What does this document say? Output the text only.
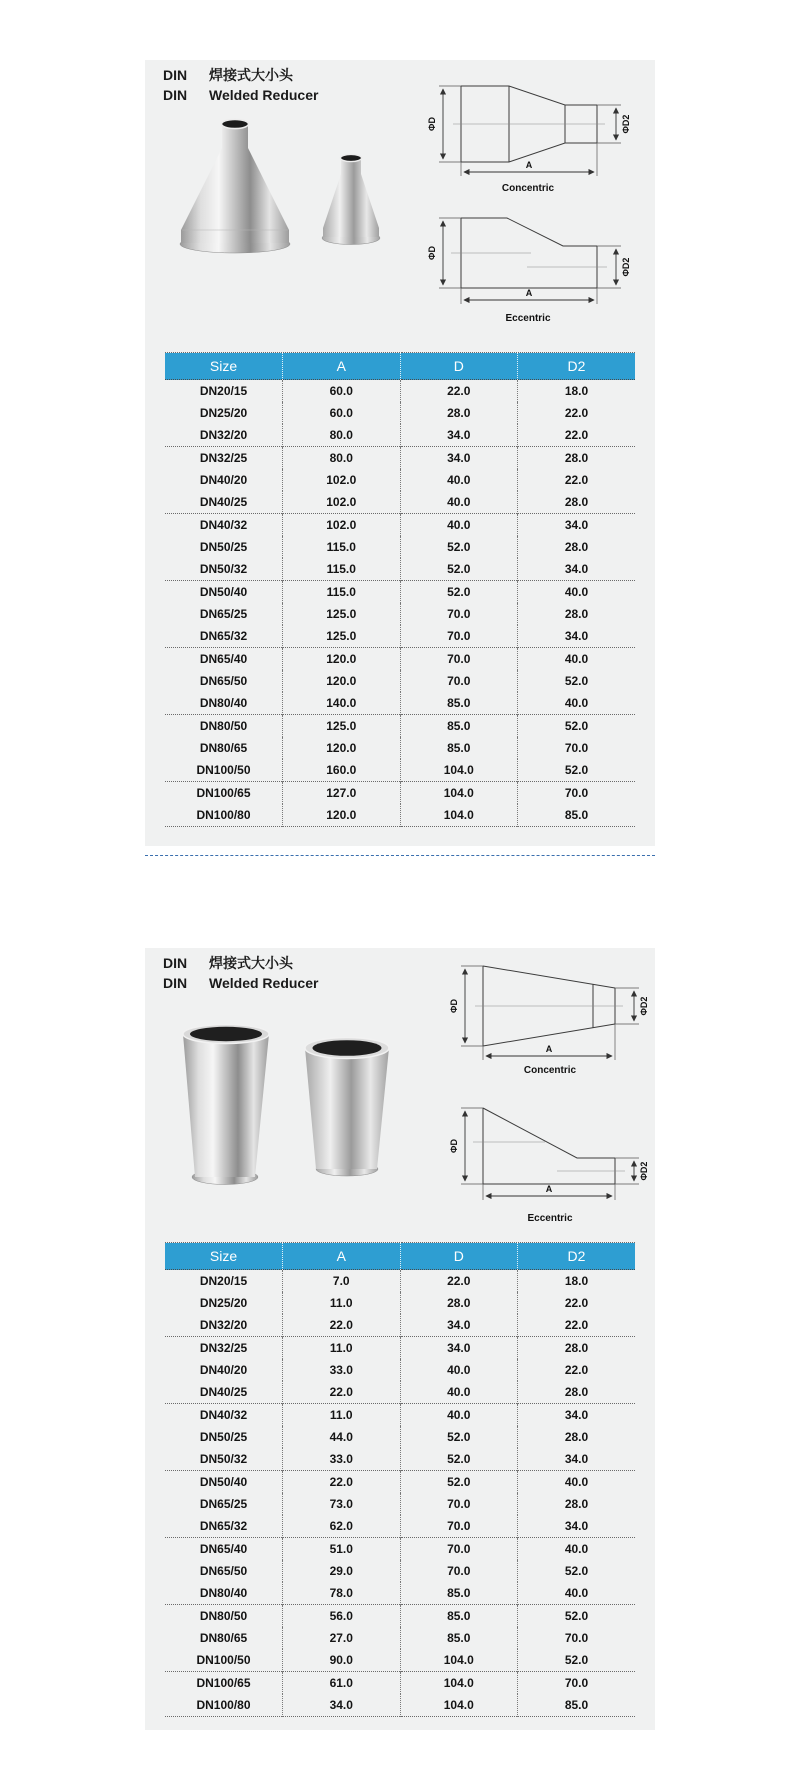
DIN	焊接式大小头
DIN	Welded Reducer
ΦD	ΦD2
A
Concentric
ΦD
ΦD2
A
Eccentric
Size	A	D	D2
DN20/15	60.0	22.0	18.0
DN25/20	60.0	28.0	22.0
DN32/20	80.0	34.0	22.0
DN32/25	80.0	34.0	28.0
DN40/20	102.0	40.0	22.0
DN40/25	102.0	40.0	28.0
DN40/32	102.0	40.0	34.0
DN50/25	115.0	52.0	28.0
DN50/32	115.0	52.0	34.0
DN50/40	115.0	52.0	40.0
DN65/25	125.0	70.0	28.0
DN65/32	125.0	70.0	34.0
DN65/40	120.0	70.0	40.0
DN65/50	120.0	70.0	52.0
DN80/40	140.0	85.0	40.0
DN80/50	125.0	85.0	52.0
DN80/65	120.0	85.0	70.0
DN100/50	160.0	104.0	52.0
DN100/65	127.0	104.0	70.0
DN100/80	120.0	104.0	85.0
DIN	焊接式大小头
DIN	Welded Reducer
ΦD	ΦD2
A
Concentric
ΦD
ΦD2
A
Eccentric
Size	A	D	D2
DN20/15	7.0	22.0	18.0
DN25/20	11.0	28.0	22.0
DN32/20	22.0	34.0	22.0
DN32/25	11.0	34.0	28.0
DN40/20	33.0	40.0	22.0
DN40/25	22.0	40.0	28.0
DN40/32	11.0	40.0	34.0
DN50/25	44.0	52.0	28.0
DN50/32	33.0	52.0	34.0
DN50/40	22.0	52.0	40.0
DN65/25	73.0	70.0	28.0
DN65/32	62.0	70.0	34.0
DN65/40	51.0	70.0	40.0
DN65/50	29.0	70.0	52.0
DN80/40	78.0	85.0	40.0
DN80/50	56.0	85.0	52.0
DN80/65	27.0	85.0	70.0
DN100/50	90.0	104.0	52.0
DN100/65	61.0	104.0	70.0
DN100/80	34.0	104.0	85.0
